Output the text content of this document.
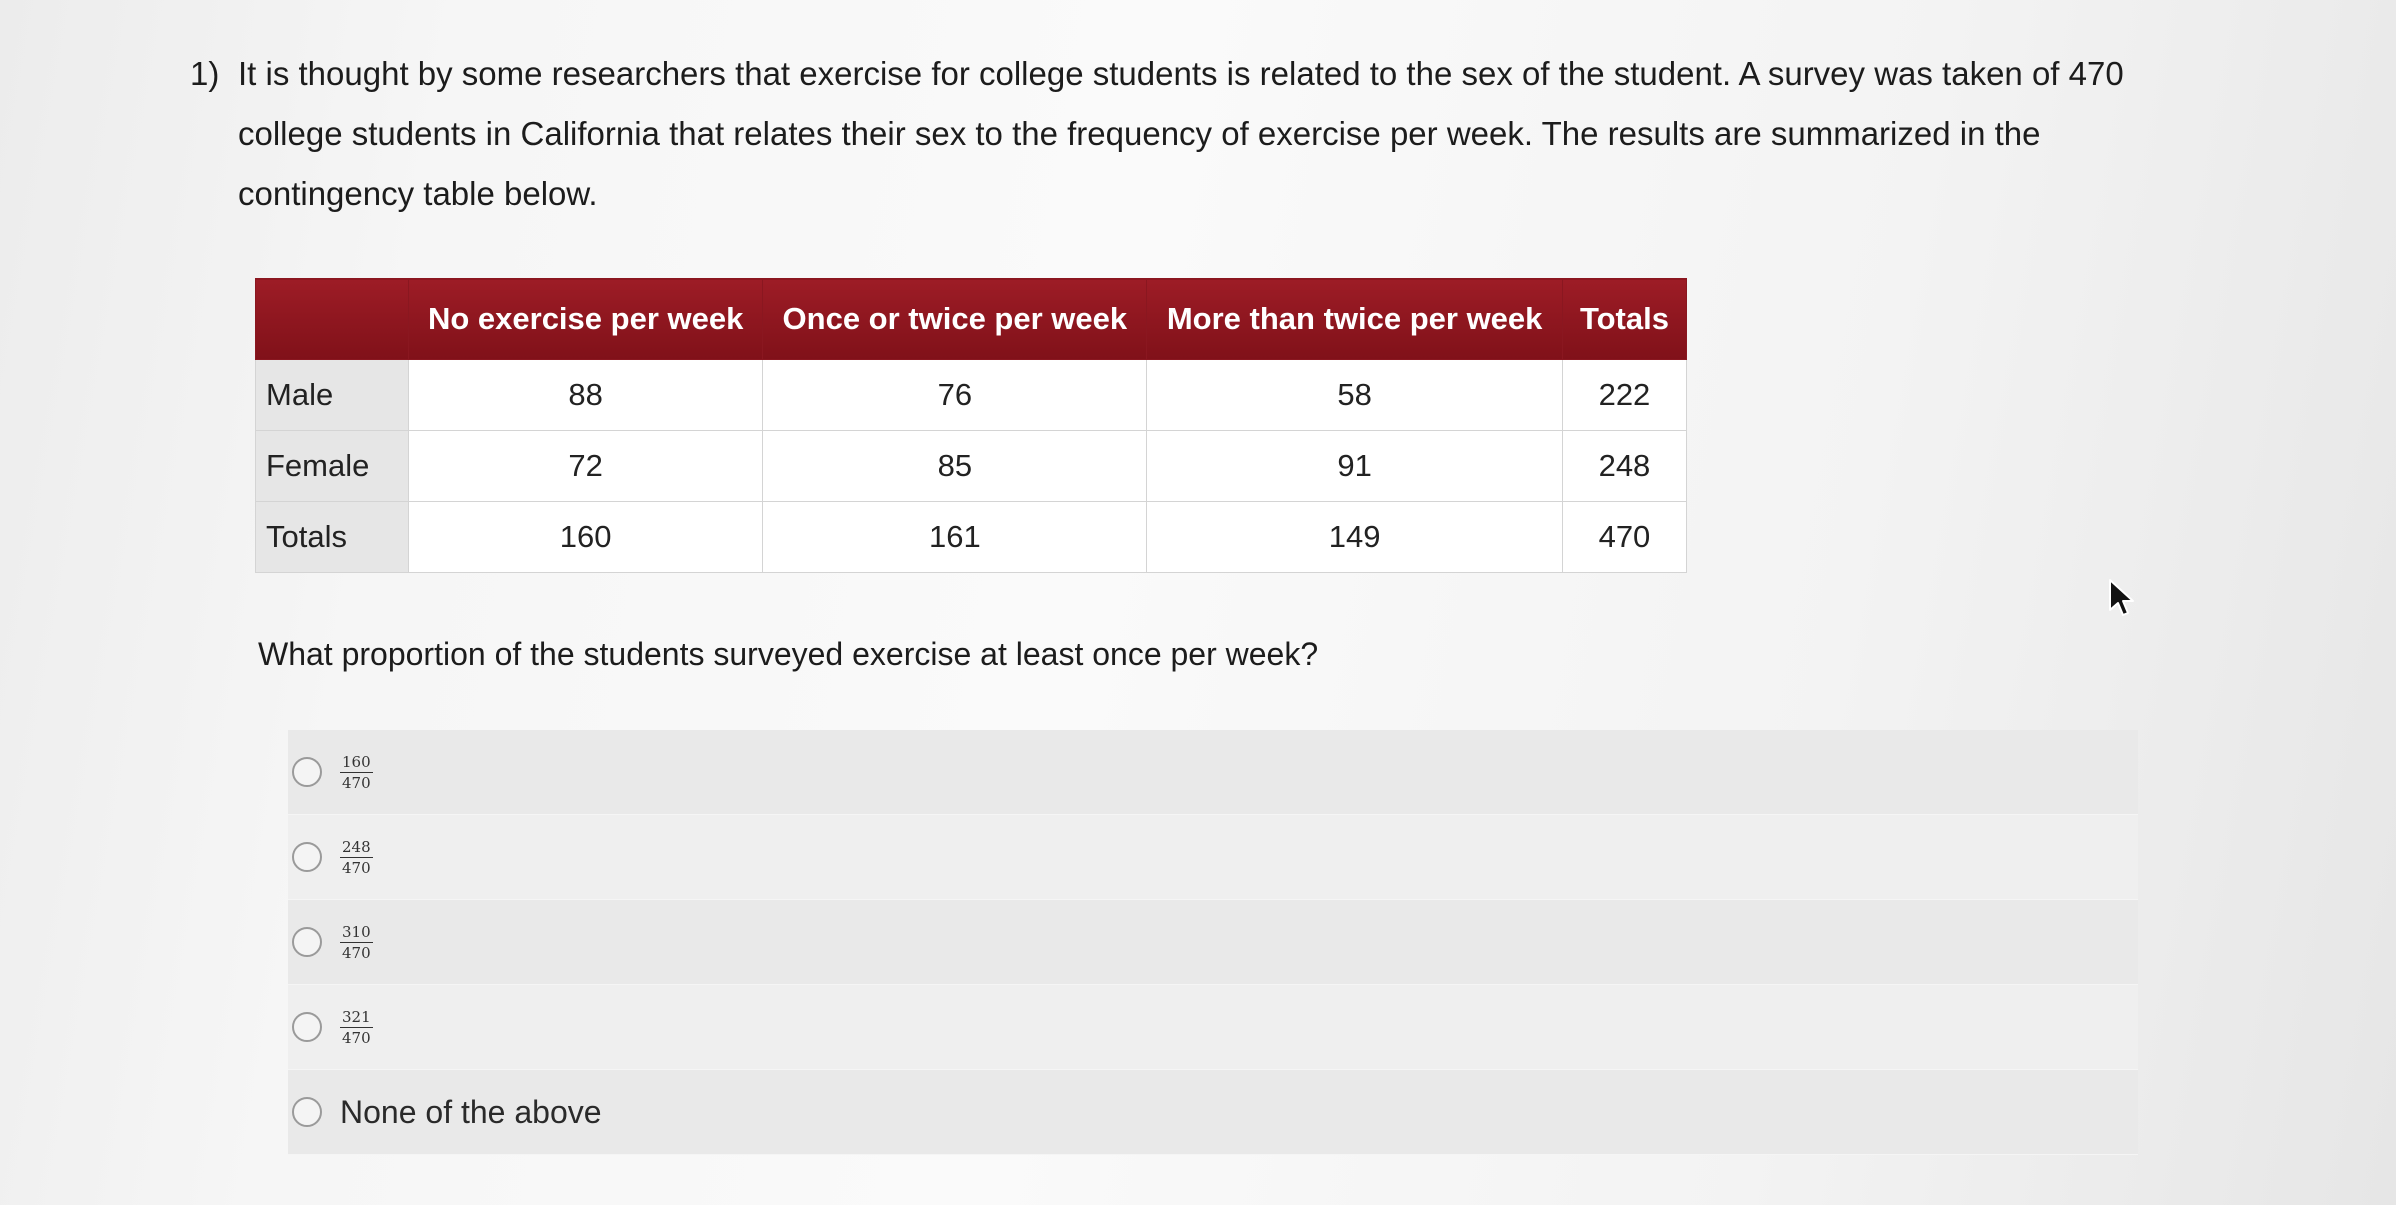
1) It is thought by some researchers that exercise for college students is related to the sex of the student. A survey was taken of 470 college students in California that relates their sex to the frequency of exercise per week. The results are summarized in the contingency table below.

	No exercise per week	Once or twice per week	More than twice per week	Totals
Male	88	76	58	222
Female	72	85	91	248
Totals	160	161	149	470

What proportion of the students surveyed exercise at least once per week?

$\frac{160}{470}$
$\frac{248}{470}$
$\frac{310}{470}$
$\frac{321}{470}$
None of the above
